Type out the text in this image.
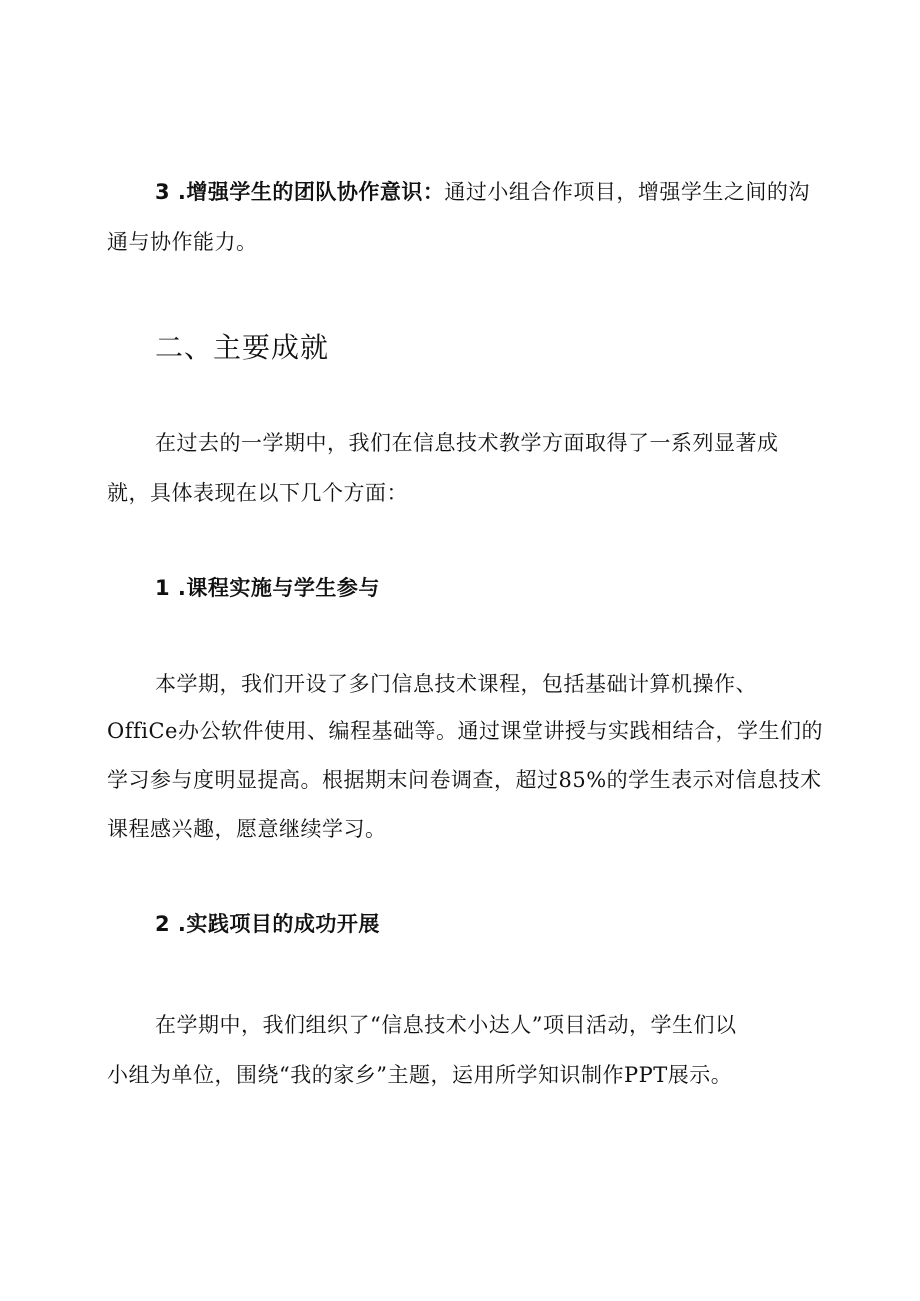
3 .增强学生的团队协作意识：通过小组合作项目，增强学生之间的沟
通与协作能力。
二、主要成就
在过去的一学期中，我们在信息技术教学方面取得了一系列显著成
就，具体表现在以下几个方面：
1 .课程实施与学生参与
本学期，我们开设了多门信息技术课程，包括基础计算机操作、
OffiCe办公软件使用、编程基础等。通过课堂讲授与实践相结合，学生们的
学习参与度明显提高。根据期末问卷调查，超过85%的学生表示对信息技术
课程感兴趣，愿意继续学习。
2 .实践项目的成功开展
在学期中，我们组织了“信息技术小达人”项目活动，学生们以
小组为单位，围绕“我的家乡”主题，运用所学知识制作PPT展示。
